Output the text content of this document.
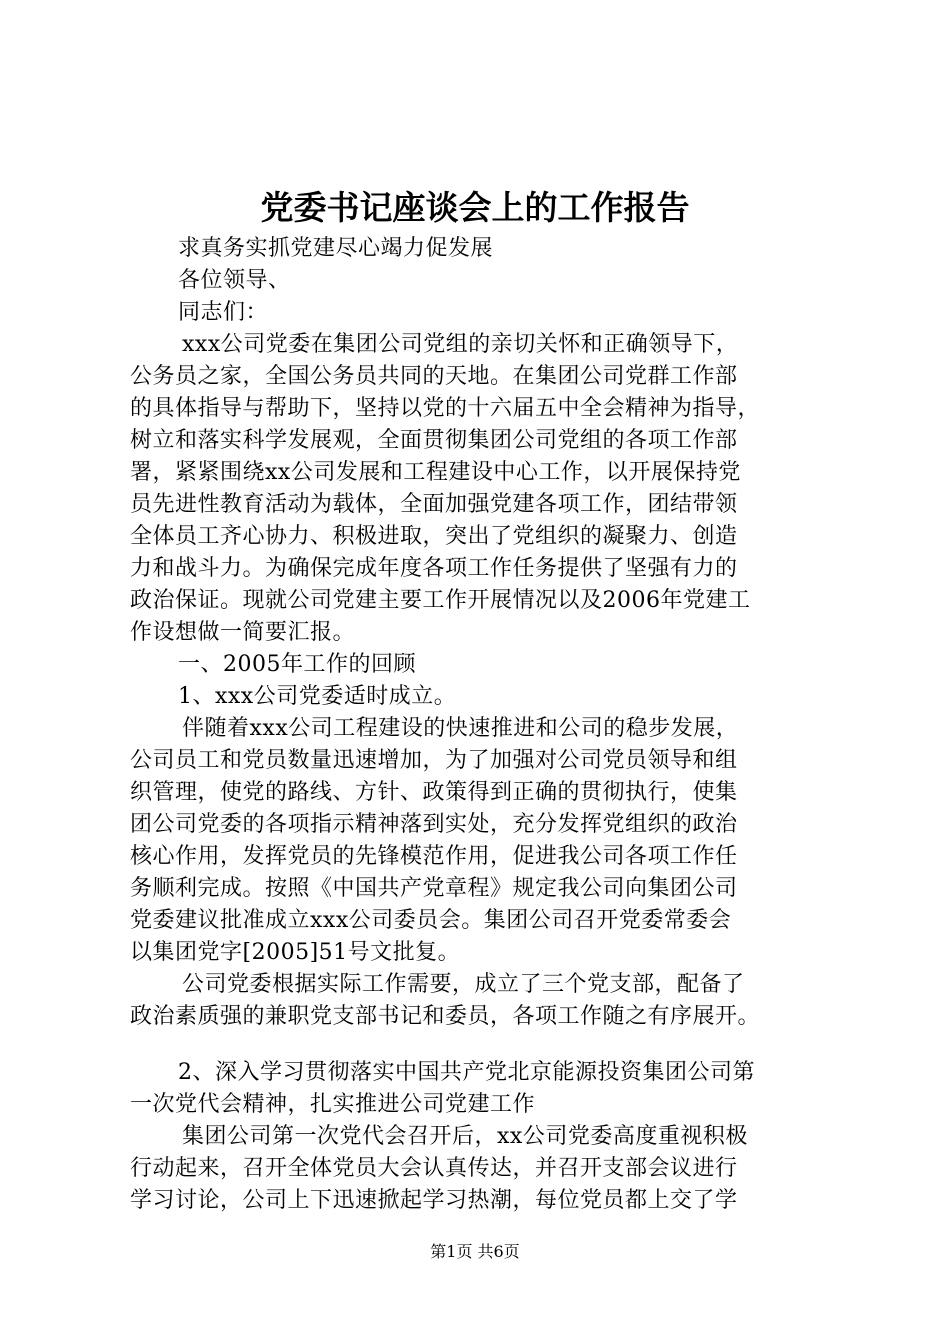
党委书记座谈会上的工作报告
求真务实抓党建尽心竭力促发展
各位领导、
同志们：
xxx公司党委在集团公司党组的亲切关怀和正确领导下，
公务员之家，全国公务员共同的天地。在集团公司党群工作部
的具体指导与帮助下，坚持以党的十六届五中全会精神为指导，
树立和落实科学发展观，全面贯彻集团公司党组的各项工作部
署，紧紧围绕xx公司发展和工程建设中心工作，以开展保持党
员先进性教育活动为载体，全面加强党建各项工作，团结带领
全体员工齐心协力、积极进取，突出了党组织的凝聚力、创造
力和战斗力。为确保完成年度各项工作任务提供了坚强有力的
政治保证。现就公司党建主要工作开展情况以及2006年党建工
作设想做一简要汇报。
一、2005年工作的回顾
1、xxx公司党委适时成立。
伴随着xxx公司工程建设的快速推进和公司的稳步发展，
公司员工和党员数量迅速增加，为了加强对公司党员领导和组
织管理，使党的路线、方针、政策得到正确的贯彻执行，使集
团公司党委的各项指示精神落到实处，充分发挥党组织的政治
核心作用，发挥党员的先锋模范作用，促进我公司各项工作任
务顺利完成。按照《中国共产党章程》规定我公司向集团公司
党委建议批准成立xxx公司委员会。集团公司召开党委常委会
以集团党字[2005]51号文批复。
公司党委根据实际工作需要，成立了三个党支部，配备了
政治素质强的兼职党支部书记和委员，各项工作随之有序展开。
2、深入学习贯彻落实中国共产党北京能源投资集团公司第
一次党代会精神，扎实推进公司党建工作
集团公司第一次党代会召开后，xx公司党委高度重视积极
行动起来，召开全体党员大会认真传达，并召开支部会议进行
学习讨论，公司上下迅速掀起学习热潮，每位党员都上交了学
第1页 共6页
